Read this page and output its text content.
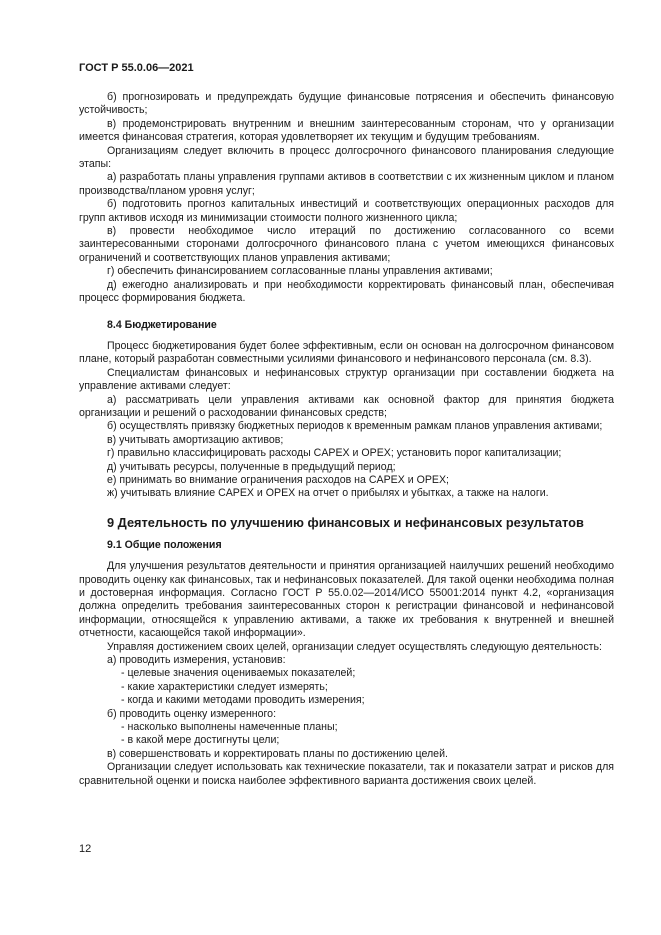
ГОСТ Р 55.0.06—2021

б) прогнозировать и предупреждать будущие финансовые потрясения и обеспечить финансовую устойчивость;

в) продемонстрировать внутренним и внешним заинтересованным сторонам, что у организации имеется финансовая стратегия, которая удовлетворяет их текущим и будущим требованиям.

Организациям следует включить в процесс долгосрочного финансового планирования следующие этапы:

а) разработать планы управления группами активов в соответствии с их жизненным циклом и планом производства/планом уровня услуг;

б) подготовить прогноз капитальных инвестиций и соответствующих операционных расходов для групп активов исходя из минимизации стоимости полного жизненного цикла;

в) провести необходимое число итераций по достижению согласованного со всеми заинтересованными сторонами долгосрочного финансового плана с учетом имеющихся финансовых ограничений и соответствующих планов управления активами;

г) обеспечить финансированием согласованные планы управления активами;

д) ежегодно анализировать и при необходимости корректировать финансовый план, обеспечивая процесс формирования бюджета.

8.4 Бюджетирование

Процесс бюджетирования будет более эффективным, если он основан на долгосрочном финансовом плане, который разработан совместными усилиями финансового и нефинансового персонала (см. 8.3).

Специалистам финансовых и нефинансовых структур организации при составлении бюджета на управление активами следует:

а) рассматривать цели управления активами как основной фактор для принятия бюджета организации и решений о расходовании финансовых средств;

б) осуществлять привязку бюджетных периодов к временным рамкам планов управления активами;

в) учитывать амортизацию активов;

г) правильно классифицировать расходы CAPEX и OPEX; установить порог капитализации;

д) учитывать ресурсы, полученные в предыдущий период;

е) принимать во внимание ограничения расходов на CAPEX и OPEX;

ж) учитывать влияние CAPEX и OPEX на отчет о прибылях и убытках, а также на налоги.

9 Деятельность по улучшению финансовых и нефинансовых результатов

9.1 Общие положения

Для улучшения результатов деятельности и принятия организацией наилучших решений необходимо проводить оценку как финансовых, так и нефинансовых показателей. Для такой оценки необходима полная и достоверная информация. Согласно ГОСТ Р 55.0.02—2014/ИСО 55001:2014 пункт 4.2, «организация должна определить требования заинтересованных сторон к регистрации финансовой и нефинансовой информации, относящейся к управлению активами, а также их требования к внутренней и внешней отчетности, касающейся такой информации».

Управляя достижением своих целей, организации следует осуществлять следующую деятельность:

а) проводить измерения, установив:

- целевые значения оцениваемых показателей;

- какие характеристики следует измерять;

- когда и какими методами проводить измерения;

б) проводить оценку измеренного:

- насколько выполнены намеченные планы;

- в какой мере достигнуты цели;

в) совершенствовать и корректировать планы по достижению целей.

Организации следует использовать как технические показатели, так и показатели затрат и рисков для сравнительной оценки и поиска наиболее эффективного варианта достижения своих целей.

12
